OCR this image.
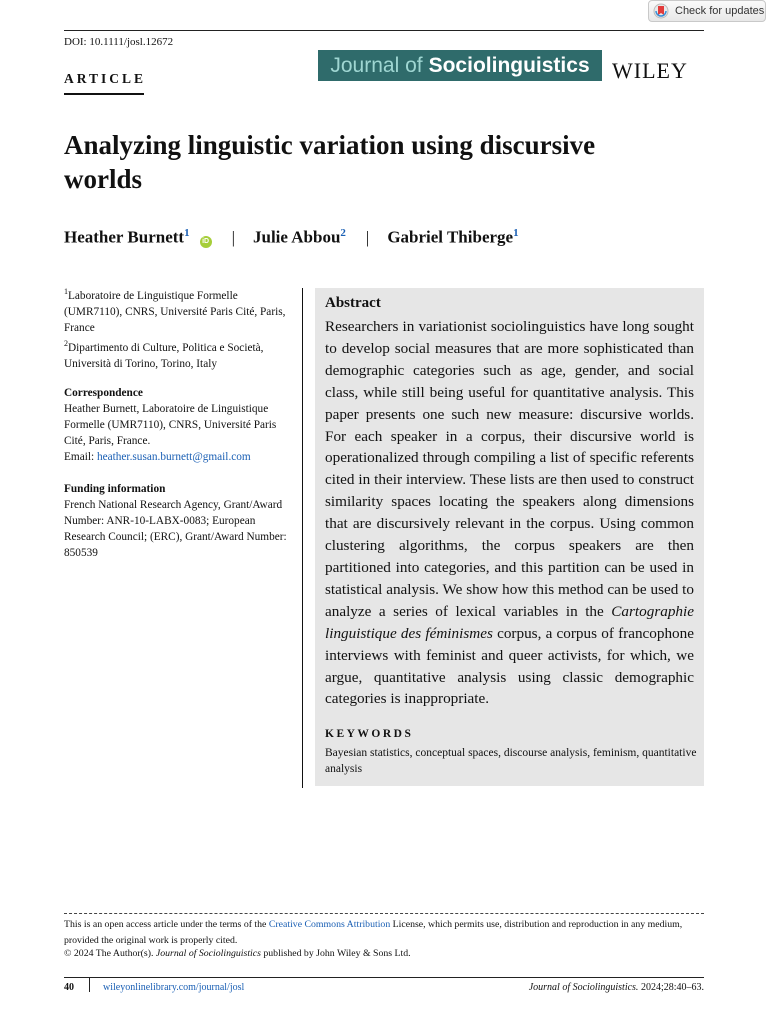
Check for updates
DOI: 10.1111/josl.12672
ARTICLE
Journal of Sociolinguistics WILEY
Analyzing linguistic variation using discursive
worlds
Heather Burnett$^1$
iD | Julie Abbou$^2$ | Gabriel Thiberge$^1$
$^1$Laboratoire de Linguistique Formelle (UMR7110), CNRS, Université Paris Cité, Paris, France
$^2$Dipartimento di Culture, Politica e Società, Università di Torino, Torino, Italy
Correspondence
Heather Burnett, Laboratoire de Linguistique Formelle (UMR7110), CNRS, Université Paris Cité, Paris, France.
Email: heather.susan.burnett@gmail.com
Funding information
French National Research Agency, Grant/Award Number: ANR-10-LABX-0083; European Research Council; (ERC), Grant/Award Number: 850539
Abstract
Researchers in variationist sociolinguistics have long sought to develop social measures that are more sophisticated than demographic categories such as age, gender, and social class, while still being useful for quantitative analysis. This paper presents one such new measure: discursive worlds. For each speaker in a corpus, their discursive world is operationalized through compiling a list of specific referents cited in their interview. These lists are then used to construct similarity spaces locating the speakers along dimensions that are discursively relevant in the corpus. Using common clustering algorithms, the corpus speakers are then partitioned into categories, and this partition can be used in statistical analysis. We show how this method can be used to analyze a series of lexical variables in the Cartographie linguistique des féminismes corpus, a corpus of francophone interviews with feminist and queer activists, for which, we argue, quantitative analysis using classic demographic categories is inappropriate.
KEYWORDS
Bayesian statistics, conceptual spaces, discourse analysis, feminism, quantitative analysis
This is an open access article under the terms of the Creative Commons Attribution License, which permits use, distribution and reproduction in any medium, provided the original work is properly cited.
© 2024 The Author(s). Journal of Sociolinguistics published by John Wiley & Sons Ltd.
40	wileyonlinelibrary.com/journal/josl	Journal of Sociolinguistics. 2024;28:40–63.
